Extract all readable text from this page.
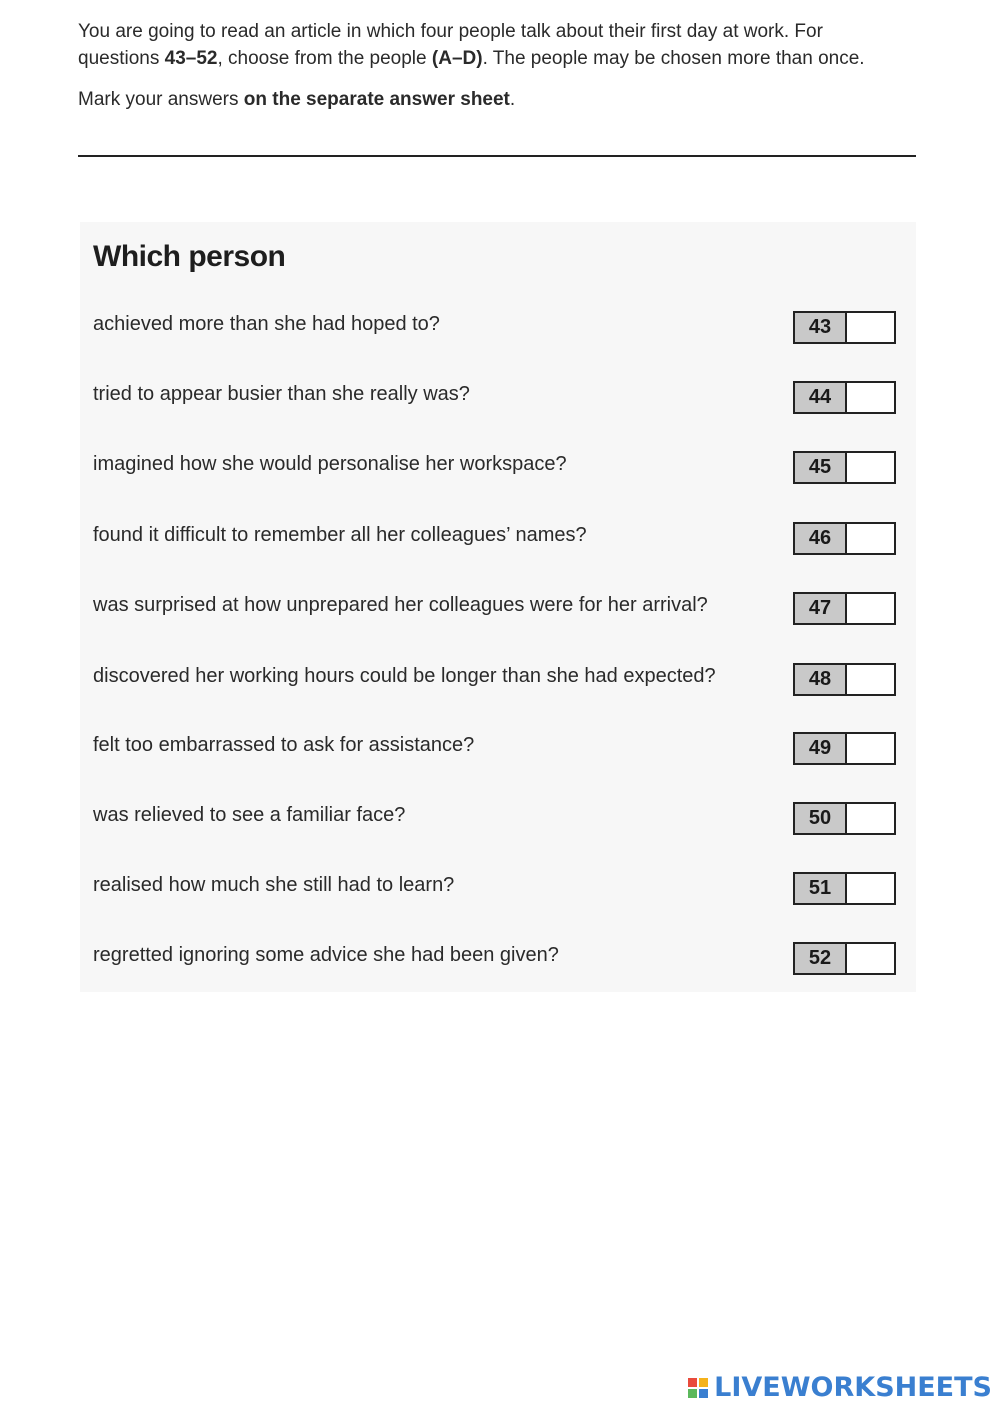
You are going to read an article in which four people talk about their first day at work. For questions 43–52, choose from the people (A–D). The people may be chosen more than once.

Mark your answers on the separate answer sheet.

Which person
achieved more than she had hoped to?	43
tried to appear busier than she really was?	44
imagined how she would personalise her workspace?	45
found it difficult to remember all her colleagues’ names?	46
was surprised at how unprepared her colleagues were for her arrival?	47
discovered her working hours could be longer than she had expected?	48
felt too embarrassed to ask for assistance?	49
was relieved to see a familiar face?	50
realised how much she still had to learn?	51
regretted ignoring some advice she had been given?	52
LIVEWORKSHEETS
